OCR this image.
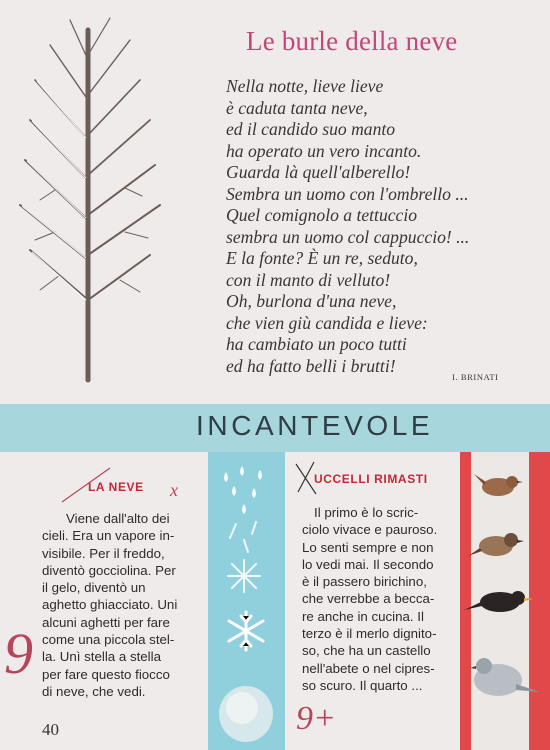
Le burle della neve
Nella notte, lieve lieve
è caduta tanta neve,
ed il candido suo manto
ha operato un vero incanto.
Guarda là quell'alberello!
Sembra un uomo con l'ombrello ...
Quel comignolo a tettuccio
sembra un uomo col cappuccio! ...
E la fonte? È un re, seduto,
con il manto di velluto!
Oh, burlona d'una neve,
che vien giù candida e lieve:
ha cambiato un poco tutti
ed ha fatto belli i brutti!
I. BRINATI
INCANTEVOLE
LA NEVE
Viene dall'alto dei
cieli. Era un vapore in-
visibile. Per il freddo,
diventò gocciolina. Per
il gelo, diventò un
aghetto ghiacciato. Uni
alcuni aghetti per fare
come una piccola stel-
la. Unì stella a stella
per fare questo fiocco
di neve, che vedi.
UCCELLI RIMASTI
Il primo è lo scric-
ciolo vivace e pauroso.
Lo senti sempre e non
lo vedi mai. Il secondo
è il passero birichino,
che verrebbe a becca-
re anche in cucina. Il
terzo è il merlo dignito-
so, che ha un castello
nell'abete o nel cipres-
so scuro. Il quarto ...
x
9
9+
40
